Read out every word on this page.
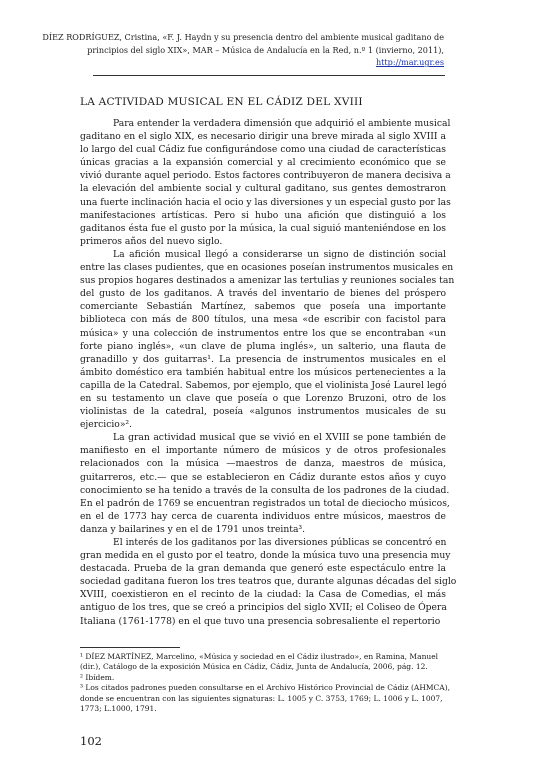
DÍEZ RODRÍGUEZ, Cristina, «F. J. Haydn y su presencia dentro del ambiente musical gaditano de
principios del siglo XIX», MAR – Música de Andalucía en la Red, n.º 1 (invierno, 2011),
http://mar.ugr.es
LA ACTIVIDAD MUSICAL EN EL CÁDIZ DEL XVIII

Para entender la verdadera dimensión que adquirió el ambiente musical
gaditano en el siglo XIX, es necesario dirigir una breve mirada al siglo XVIII a
lo largo del cual Cádiz fue configurándose como una ciudad de características
únicas gracias a la expansión comercial y al crecimiento económico que se
vivió durante aquel periodo. Estos factores contribuyeron de manera decisiva a
la elevación del ambiente social y cultural gaditano, sus gentes demostraron
una fuerte inclinación hacia el ocio y las diversiones y un especial gusto por las
manifestaciones artísticas. Pero si hubo una afición que distinguió a los
gaditanos ésta fue el gusto por la música, la cual siguió manteniéndose en los
primeros años del nuevo siglo.

La afición musical llegó a considerarse un signo de distinción social
entre las clases pudientes, que en ocasiones poseían instrumentos musicales en
sus propios hogares destinados a amenizar las tertulias y reuniones sociales tan
del gusto de los gaditanos. A través del inventario de bienes del próspero
comerciante Sebastián Martínez, sabemos que poseía una importante
biblioteca con más de 800 títulos, una mesa «de escribir con facistol para
música» y una colección de instrumentos entre los que se encontraban «un
forte piano inglés», «un clave de pluma inglés», un salterio, una flauta de
granadillo y dos guitarras¹. La presencia de instrumentos musicales en el
ámbito doméstico era también habitual entre los músicos pertenecientes a la
capilla de la Catedral. Sabemos, por ejemplo, que el violinista José Laurel legó
en su testamento un clave que poseía o que Lorenzo Bruzoni, otro de los
violinistas de la catedral, poseía «algunos instrumentos musicales de su
ejercicio»².

La gran actividad musical que se vivió en el XVIII se pone también de
manifiesto en el importante número de músicos y de otros profesionales
relacionados con la música —maestros de danza, maestros de música,
guitarreros, etc.— que se establecieron en Cádiz durante estos años y cuyo
conocimiento se ha tenido a través de la consulta de los padrones de la ciudad.
En el padrón de 1769 se encuentran registrados un total de dieciocho músicos,
en el de 1773 hay cerca de cuarenta individuos entre músicos, maestros de
danza y bailarines y en el de 1791 unos treinta³.

El interés de los gaditanos por las diversiones públicas se concentró en
gran medida en el gusto por el teatro, donde la música tuvo una presencia muy
destacada. Prueba de la gran demanda que generó este espectáculo entre la
sociedad gaditana fueron los tres teatros que, durante algunas décadas del siglo
XVIII, coexistieron en el recinto de la ciudad: la Casa de Comedias, el más
antiguo de los tres, que se creó a principios del siglo XVII; el Coliseo de Ópera
Italiana (1761-1778) en el que tuvo una presencia sobresaliente el repertorio

¹ DÍEZ MARTÍNEZ, Marcelino, «Música y sociedad en el Cádiz ilustrado», en Ramina, Manuel
(dir.), Catálogo de la exposición Música en Cádiz, Cádiz, Junta de Andalucía, 2006, pág. 12.

² Ibídem.

³ Los citados padrones pueden consultarse en el Archivo Histórico Provincial de Cádiz (AHMCA),
donde se encuentran con las siguientes signaturas: L. 1005 y C. 3753, 1769; L. 1006 y L. 1007,
1773; L.1000, 1791.

102
